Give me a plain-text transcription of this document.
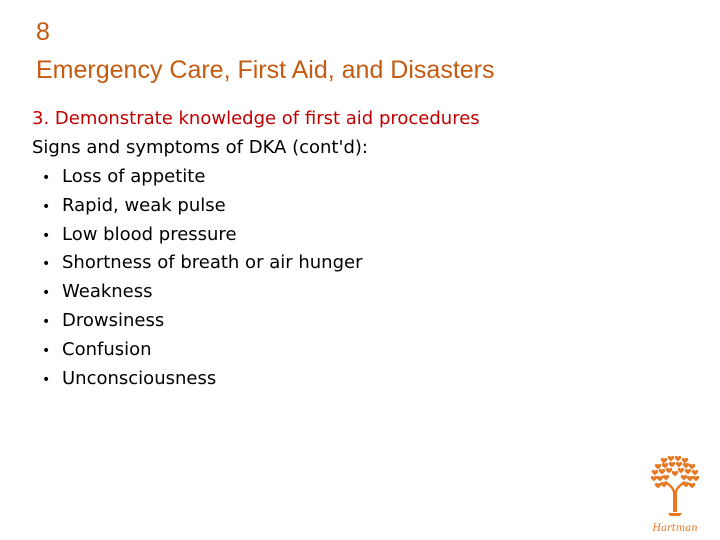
8
Emergency Care, First Aid, and Disasters
3. Demonstrate knowledge of first aid procedures
Signs and symptoms of DKA (cont'd):
• Loss of appetite
• Rapid, weak pulse
• Low blood pressure
• Shortness of breath or air hunger
• Weakness
• Drowsiness
• Confusion
• Unconsciousness
Hartman
